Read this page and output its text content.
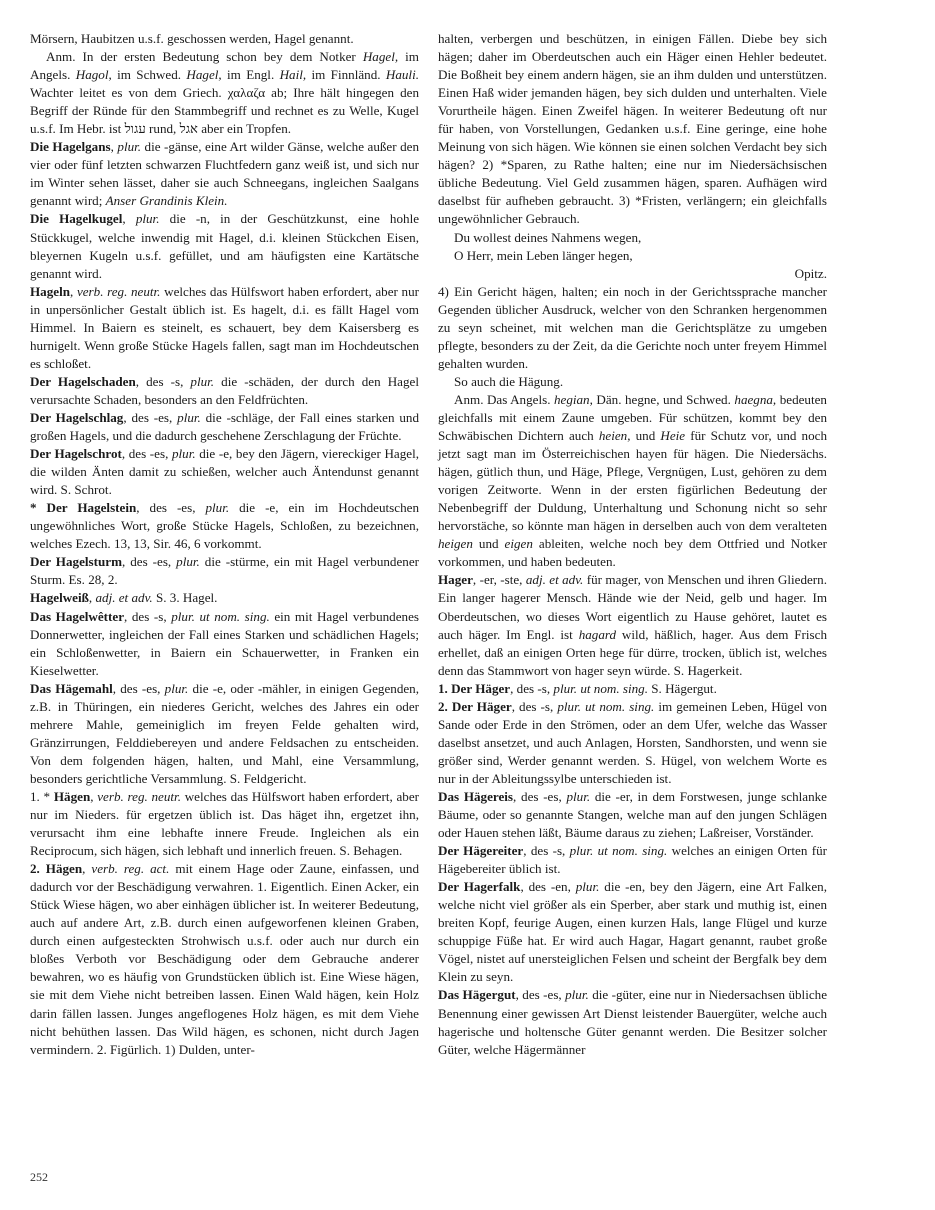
Mörsern, Haubitzen u.s.f. geschossen werden, Hagel genannt.

Anm. In der ersten Bedeutung schon bey dem Notker Hagel, im Angels. Hagol, im Schwed. Hagel, im Engl. Hail, im Finnländ. Hauli. Wachter leitet es von dem Griech. χαλαζα ab; Ihre hält hingegen den Begriff der Ründe für den Stammbegriff und rechnet es zu Welle, Kugel u.s.f. Im Hebr. ist עגול rund, אגל aber ein Tropfen.

Die Hagelgans, plur. die -gänse, eine Art wilder Gänse, welche außer den vier oder fünf letzten schwarzen Fluchtfedern ganz weiß ist, und sich nur im Winter sehen lässet, daher sie auch Schneegans, ingleichen Saalgans genannt wird; Anser Grandinis Klein.

Die Hagelkugel, plur. die -n, in der Geschützkunst, eine hohle Stückkugel, welche inwendig mit Hagel, d.i. kleinen Stückchen Eisen, bleyernen Kugeln u.s.f. gefüllet, und am häufigsten eine Kartätsche genannt wird.

Hageln, verb. reg. neutr. welches das Hülfswort haben erfordert, aber nur in unpersönlicher Gestalt üblich ist. Es hagelt, d.i. es fällt Hagel vom Himmel. In Baiern es steinelt, es schauert, bey dem Kaisersberg es hurnigelt. Wenn große Stücke Hagels fallen, sagt man im Hochdeutschen es schloßet.

Der Hagelschaden, des -s, plur. die -schäden, der durch den Hagel verursachte Schaden, besonders an den Feldfrüchten.

Der Hagelschlag, des -es, plur. die -schläge, der Fall eines starken und großen Hagels, und die dadurch geschehene Zerschlagung der Früchte.

Der Hagelschrot, des -es, plur. die -e, bey den Jägern, viereckiger Hagel, die wilden Änten damit zu schießen, welcher auch Äntendunst genannt wird. S. Schrot.

* Der Hagelstein, des -es, plur. die -e, ein im Hochdeutschen ungewöhnliches Wort, große Stücke Hagels, Schloßen, zu bezeichnen, welches Ezech. 13, 13, Sir. 46, 6 vorkommt.

Der Hagelsturm, des -es, plur. die -stürme, ein mit Hagel verbundener Sturm. Es. 28, 2.

Hagelweiß, adj. et adv. S. 3. Hagel.

Das Hagelwêtter, des -s, plur. ut nom. sing. ein mit Hagel verbundenes Donnerwetter, ingleichen der Fall eines Starken und schädlichen Hagels; ein Schloßenwetter, in Baiern ein Schauerwetter, in Franken ein Kieselwetter.

Das Hägemahl, des -es, plur. die -e, oder -mähler, in einigen Gegenden, z.B. in Thüringen, ein niederes Gericht, welches des Jahres ein oder mehrere Mahle, gemeiniglich im freyen Felde gehalten wird, Gränzirrungen, Felddiebereyen und andere Feldsachen zu entscheiden. Von dem folgenden hägen, halten, und Mahl, eine Versammlung, besonders gerichtliche Versammlung. S. Feldgericht.

1. * Hägen, verb. reg. neutr. welches das Hülfswort haben erfordert, aber nur im Nieders. für ergetzen üblich ist. Das häget ihn, ergetzet ihn, verursacht ihm eine lebhafte innere Freude. Ingleichen als ein Reciprocum, sich hägen, sich lebhaft und innerlich freuen. S. Behagen.

2. Hägen, verb. reg. act. mit einem Hage oder Zaune, einfassen, und dadurch vor der Beschädigung verwahren. 1. Eigentlich. Einen Acker, ein Stück Wiese hägen, wo aber einhägen üblicher ist. In weiterer Bedeutung, auch auf andere Art, z.B. durch einen aufgeworfenen kleinen Graben, durch einen aufgesteckten Strohwisch u.s.f. oder auch nur durch ein bloßes Verboth vor Beschädigung oder dem Gebrauche anderer bewahren, wo es häufig von Grundstücken üblich ist. Eine Wiese hägen, sie mit dem Viehe nicht betreiben lassen. Einen Wald hägen, kein Holz darin fällen lassen. Junges angeflogenes Holz hägen, es mit dem Viehe nicht behüthen lassen. Das Wild hägen, es schonen, nicht durch Jagen vermindern. 2. Figürlich. 1) Dulden, unter-

halten, verbergen und beschützen, in einigen Fällen. Diebe bey sich hägen; daher im Oberdeutschen auch ein Häger einen Hehler bedeutet. Die Boßheit bey einem andern hägen, sie an ihm dulden und unterstützen. Einen Haß wider jemanden hägen, bey sich dulden und unterhalten. Viele Vorurtheile hägen. Einen Zweifel hägen. In weiterer Bedeutung oft nur für haben, von Vorstellungen, Gedanken u.s.f. Eine geringe, eine hohe Meinung von sich hägen. Wie können sie einen solchen Verdacht bey sich hägen? 2) *Sparen, zu Rathe halten; eine nur im Niedersächsischen übliche Bedeutung. Viel Geld zusammen hägen, sparen. Aufhägen wird daselbst für aufheben gebraucht. 3) *Fristen, verlängern; ein gleichfalls ungewöhnlicher Gebrauch.

Du wollest deines Nahmens wegen,

O Herr, mein Leben länger hegen,

Opitz.

4) Ein Gericht hägen, halten; ein noch in der Gerichtssprache mancher Gegenden üblicher Ausdruck, welcher von den Schranken hergenommen zu seyn scheinet, mit welchen man die Gerichtsplätze zu umgeben pflegte, besonders zu der Zeit, da die Gerichte noch unter freyem Himmel gehalten wurden.

So auch die Hägung.

Anm. Das Angels. hegian, Dän. hegne, und Schwed. haegna, bedeuten gleichfalls mit einem Zaune umgeben. Für schützen, kommt bey den Schwäbischen Dichtern auch heien, und Heie für Schutz vor, und noch jetzt sagt man im Österreichischen hayen für hägen. Die Niedersächs. hägen, gütlich thun, und Häge, Pflege, Vergnügen, Lust, gehören zu dem vorigen Zeitworte. Wenn in der ersten figürlichen Bedeutung der Nebenbegriff der Duldung, Unterhaltung und Schonung nicht so sehr hervorstäche, so könnte man hägen in derselben auch von dem veralteten heigen und eigen ableiten, welche noch bey dem Ottfried und Notker vorkommen, und haben bedeuten.

Hager, -er, -ste, adj. et adv. für mager, von Menschen und ihren Gliedern. Ein langer hagerer Mensch. Hände wie der Neid, gelb und hager. Im Oberdeutschen, wo dieses Wort eigentlich zu Hause gehöret, lautet es auch häger. Im Engl. ist hagard wild, häßlich, hager. Aus dem Frisch erhellet, daß an einigen Orten hege für dürre, trocken, üblich ist, welches denn das Stammwort von hager seyn würde. S. Hagerkeit.

1. Der Häger, des -s, plur. ut nom. sing. S. Hägergut.

2. Der Häger, des -s, plur. ut nom. sing. im gemeinen Leben, Hügel von Sande oder Erde in den Strömen, oder an dem Ufer, welche das Wasser daselbst ansetzet, und auch Anlagen, Horsten, Sandhorsten, und wenn sie größer sind, Werder genannt werden. S. Hügel, von welchem Worte es nur in der Ableitungssylbe unterschieden ist.

Das Hägereis, des -es, plur. die -er, in dem Forstwesen, junge schlanke Bäume, oder so genannte Stangen, welche man auf den jungen Schlägen oder Hauen stehen läßt, Bäume daraus zu ziehen; Laßreiser, Vorständer.

Der Hägereiter, des -s, plur. ut nom. sing. welches an einigen Orten für Hägebereiter üblich ist.

Der Hagerfalk, des -en, plur. die -en, bey den Jägern, eine Art Falken, welche nicht viel größer als ein Sperber, aber stark und muthig ist, einen breiten Kopf, feurige Augen, einen kurzen Hals, lange Flügel und kurze schuppige Füße hat. Er wird auch Hagar, Hagart genannt, raubet große Vögel, nistet auf unersteiglichen Felsen und scheint der Bergfalk bey dem Klein zu seyn.

Das Hägergut, des -es, plur. die -güter, eine nur in Niedersachsen übliche Benennung einer gewissen Art Dienst leistender Bauergüter, welche auch hagerische und holtensche Güter genannt werden. Die Besitzer solcher Güter, welche Hägermänner

252
